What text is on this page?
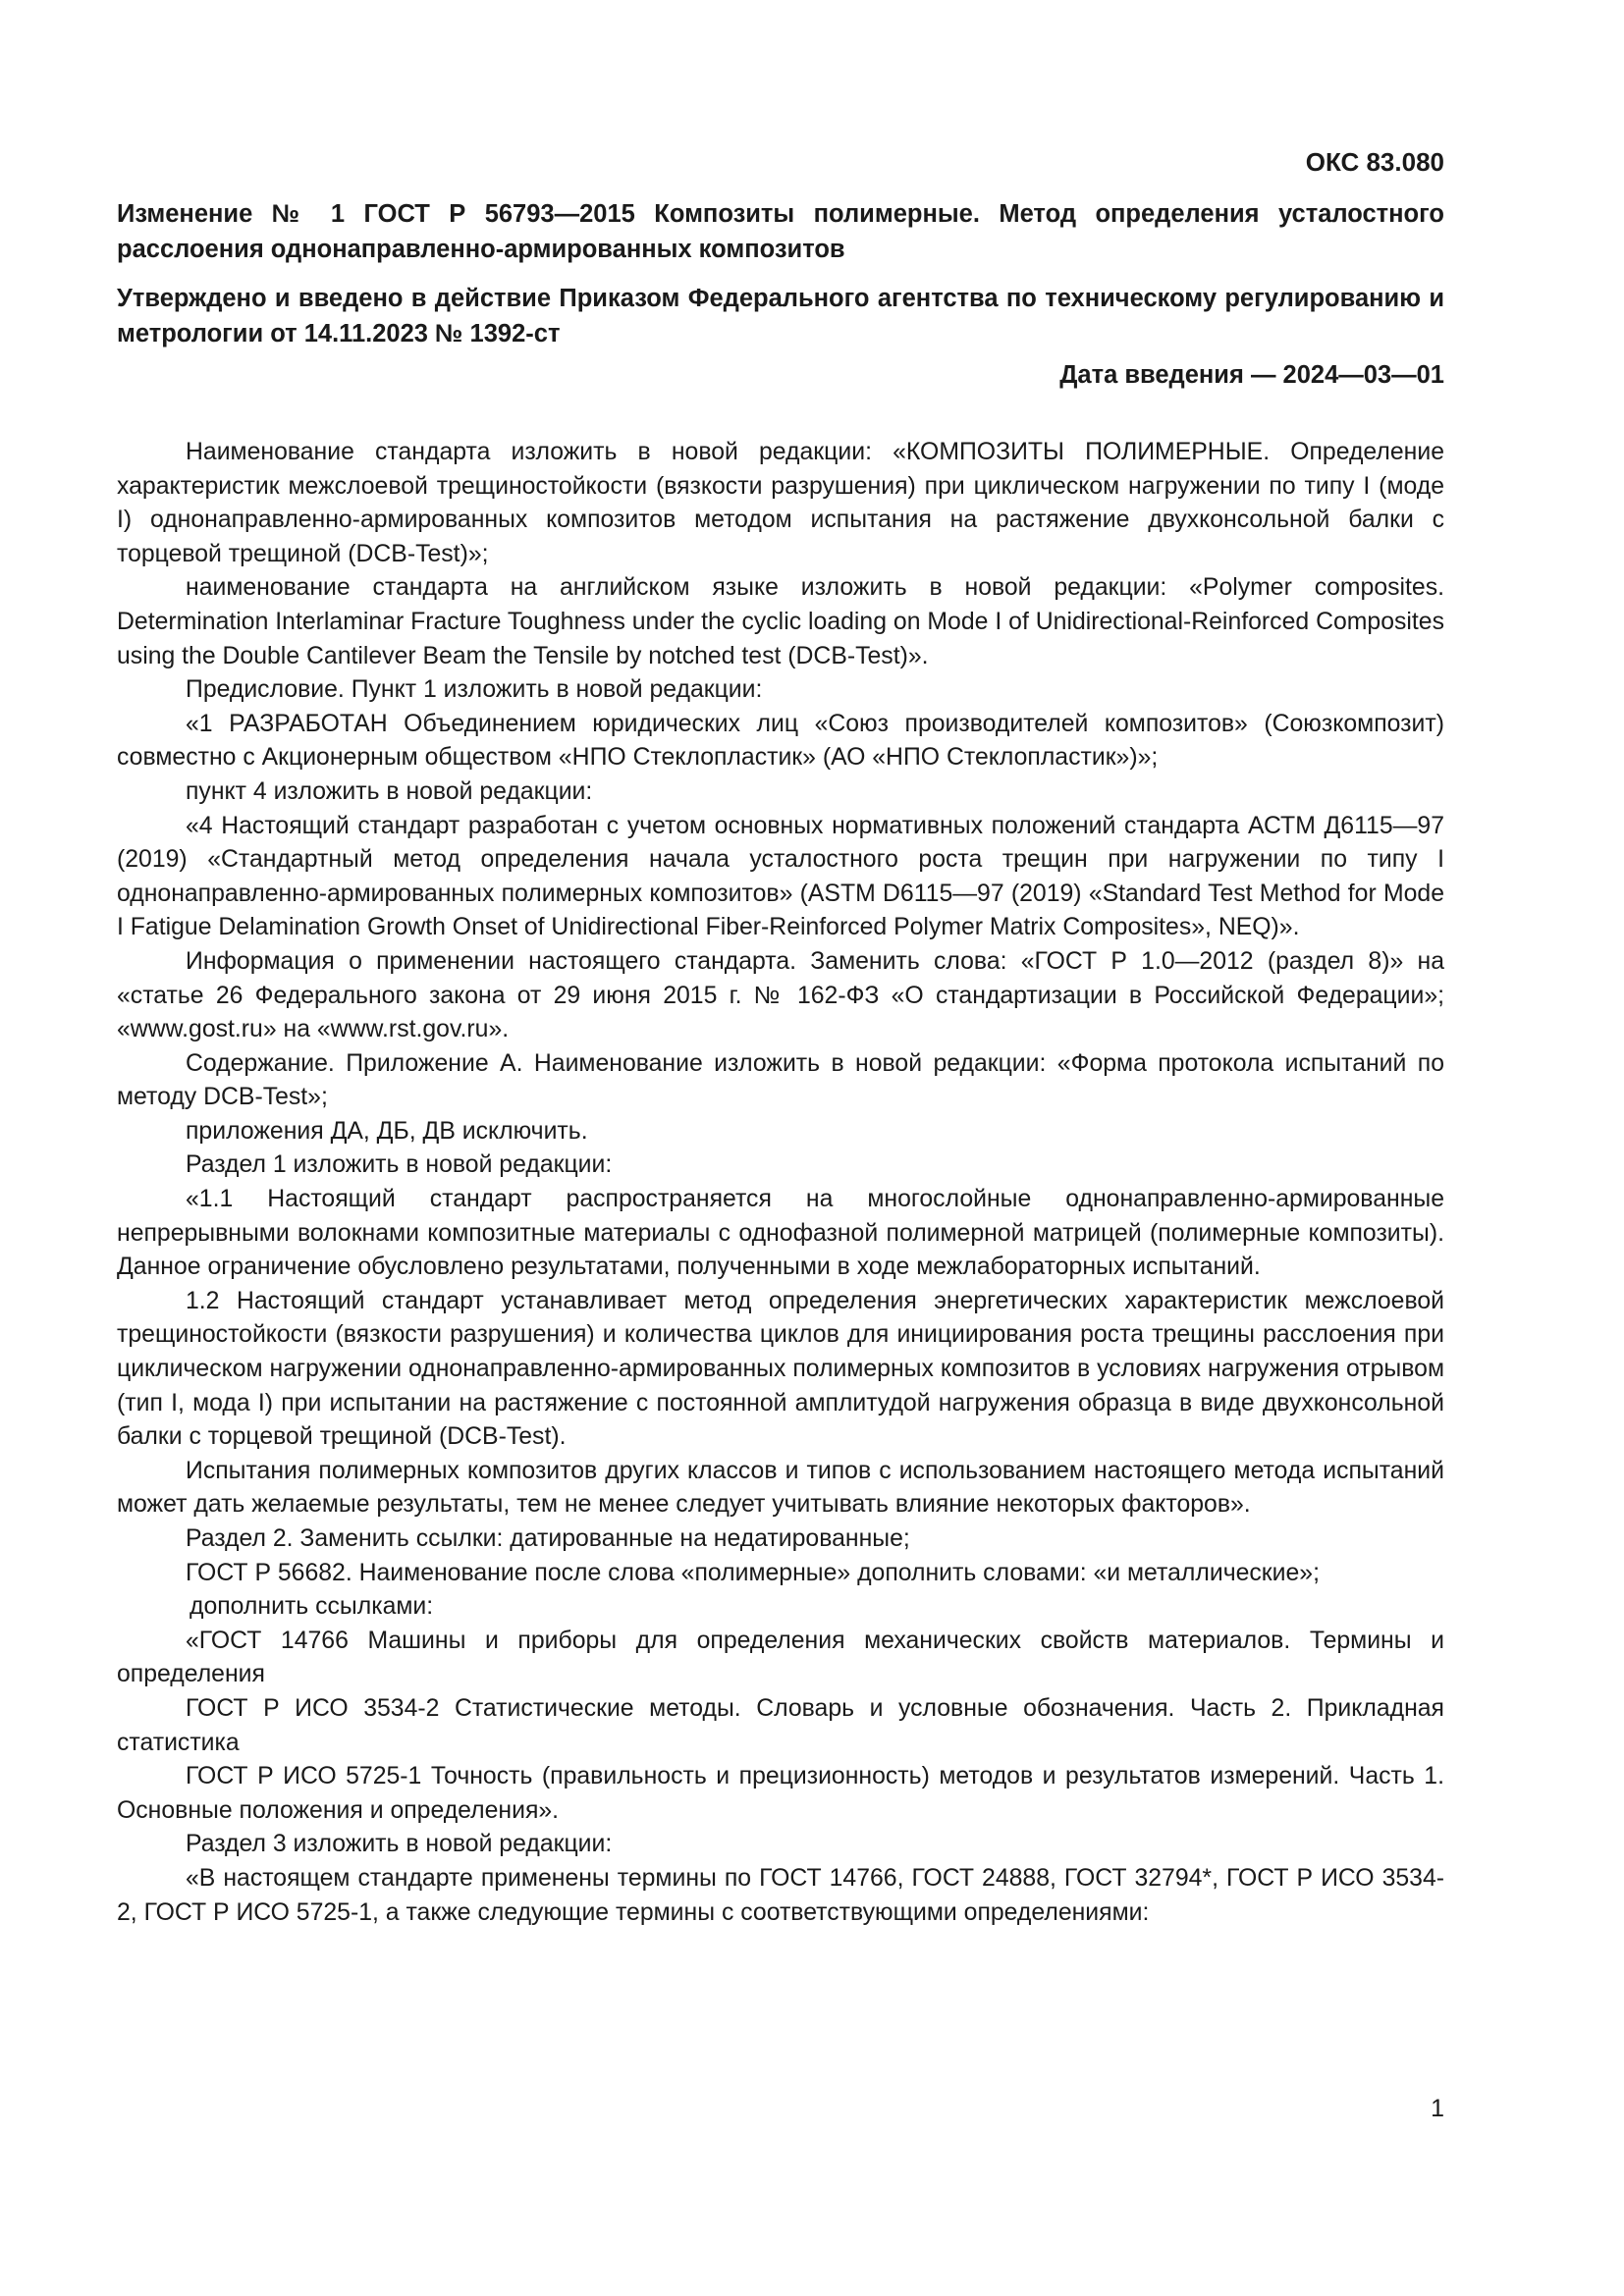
ОКС 83.080

Изменение № 1 ГОСТ Р 56793—2015 Композиты полимерные. Метод определения усталостного расслоения однонаправленно-армированных композитов

Утверждено и введено в действие Приказом Федерального агентства по техническому регулированию и метрологии от 14.11.2023 № 1392-ст

Дата введения — 2024—03—01

Наименование стандарта изложить в новой редакции: «КОМПОЗИТЫ ПОЛИМЕРНЫЕ. Определение характеристик межслоевой трещиностойкости (вязкости разрушения) при циклическом нагружении по типу I (моде I) однонаправленно-армированных композитов методом испытания на растяжение двухконсольной балки с торцевой трещиной (DCB-Test)»;

наименование стандарта на английском языке изложить в новой редакции: «Polymer composites. Determination Interlaminar Fracture Toughness under the cyclic loading on Mode I of Unidirectional-Reinforced Composites using the Double Cantilever Beam the Tensile by notched test (DCB-Test)».

Предисловие. Пункт 1 изложить в новой редакции:

«1 РАЗРАБОТАН Объединением юридических лиц «Союз производителей композитов» (Союзкомпозит) совместно с Акционерным обществом «НПО Стеклопластик» (АО «НПО Стеклопластик»)»;

пункт 4 изложить в новой редакции:

«4 Настоящий стандарт разработан с учетом основных нормативных положений стандарта АСТМ Д6115—97 (2019) «Стандартный метод определения начала усталостного роста трещин при нагружении по типу I однонаправленно-армированных полимерных композитов» (ASTM D6115—97 (2019) «Standard Test Method for Mode I Fatigue Delamination Growth Onset of Unidirectional Fiber-Reinforced Polymer Matrix Composites», NEQ)».

Информация о применении настоящего стандарта. Заменить слова: «ГОСТ Р 1.0—2012 (раздел 8)» на «статье 26 Федерального закона от 29 июня 2015 г. № 162-ФЗ «О стандартизации в Российской Федерации»; «www.gost.ru» на «www.rst.gov.ru».

Содержание. Приложение А. Наименование изложить в новой редакции: «Форма протокола испытаний по методу DCB-Test»;

приложения ДА, ДБ, ДВ исключить.

Раздел 1 изложить в новой редакции:

«1.1 Настоящий стандарт распространяется на многослойные однонаправленно-армированные непрерывными волокнами композитные материалы с однофазной полимерной матрицей (полимерные композиты). Данное ограничение обусловлено результатами, полученными в ходе межлабораторных испытаний.

1.2 Настоящий стандарт устанавливает метод определения энергетических характеристик межслоевой трещиностойкости (вязкости разрушения) и количества циклов для инициирования роста трещины расслоения при циклическом нагружении однонаправленно-армированных полимерных композитов в условиях нагружения отрывом (тип I, мода I) при испытании на растяжение с постоянной амплитудой нагружения образца в виде двухконсольной балки с торцевой трещиной (DCB-Test).

Испытания полимерных композитов других классов и типов с использованием настоящего метода испытаний может дать желаемые результаты, тем не менее следует учитывать влияние некоторых факторов».

Раздел 2. Заменить ссылки: датированные на недатированные;

ГОСТ Р 56682. Наименование после слова «полимерные» дополнить словами: «и металлические»;

дополнить ссылками:

«ГОСТ 14766 Машины и приборы для определения механических свойств материалов. Термины и определения

ГОСТ Р ИСО 3534-2 Статистические методы. Словарь и условные обозначения. Часть 2. Прикладная статистика

ГОСТ Р ИСО 5725-1 Точность (правильность и прецизионность) методов и результатов измерений. Часть 1. Основные положения и определения».

Раздел 3 изложить в новой редакции:

«В настоящем стандарте применены термины по ГОСТ 14766, ГОСТ 24888, ГОСТ 32794*, ГОСТ Р ИСО 3534-2, ГОСТ Р ИСО 5725-1, а также следующие термины с соответствующими определениями:

1
